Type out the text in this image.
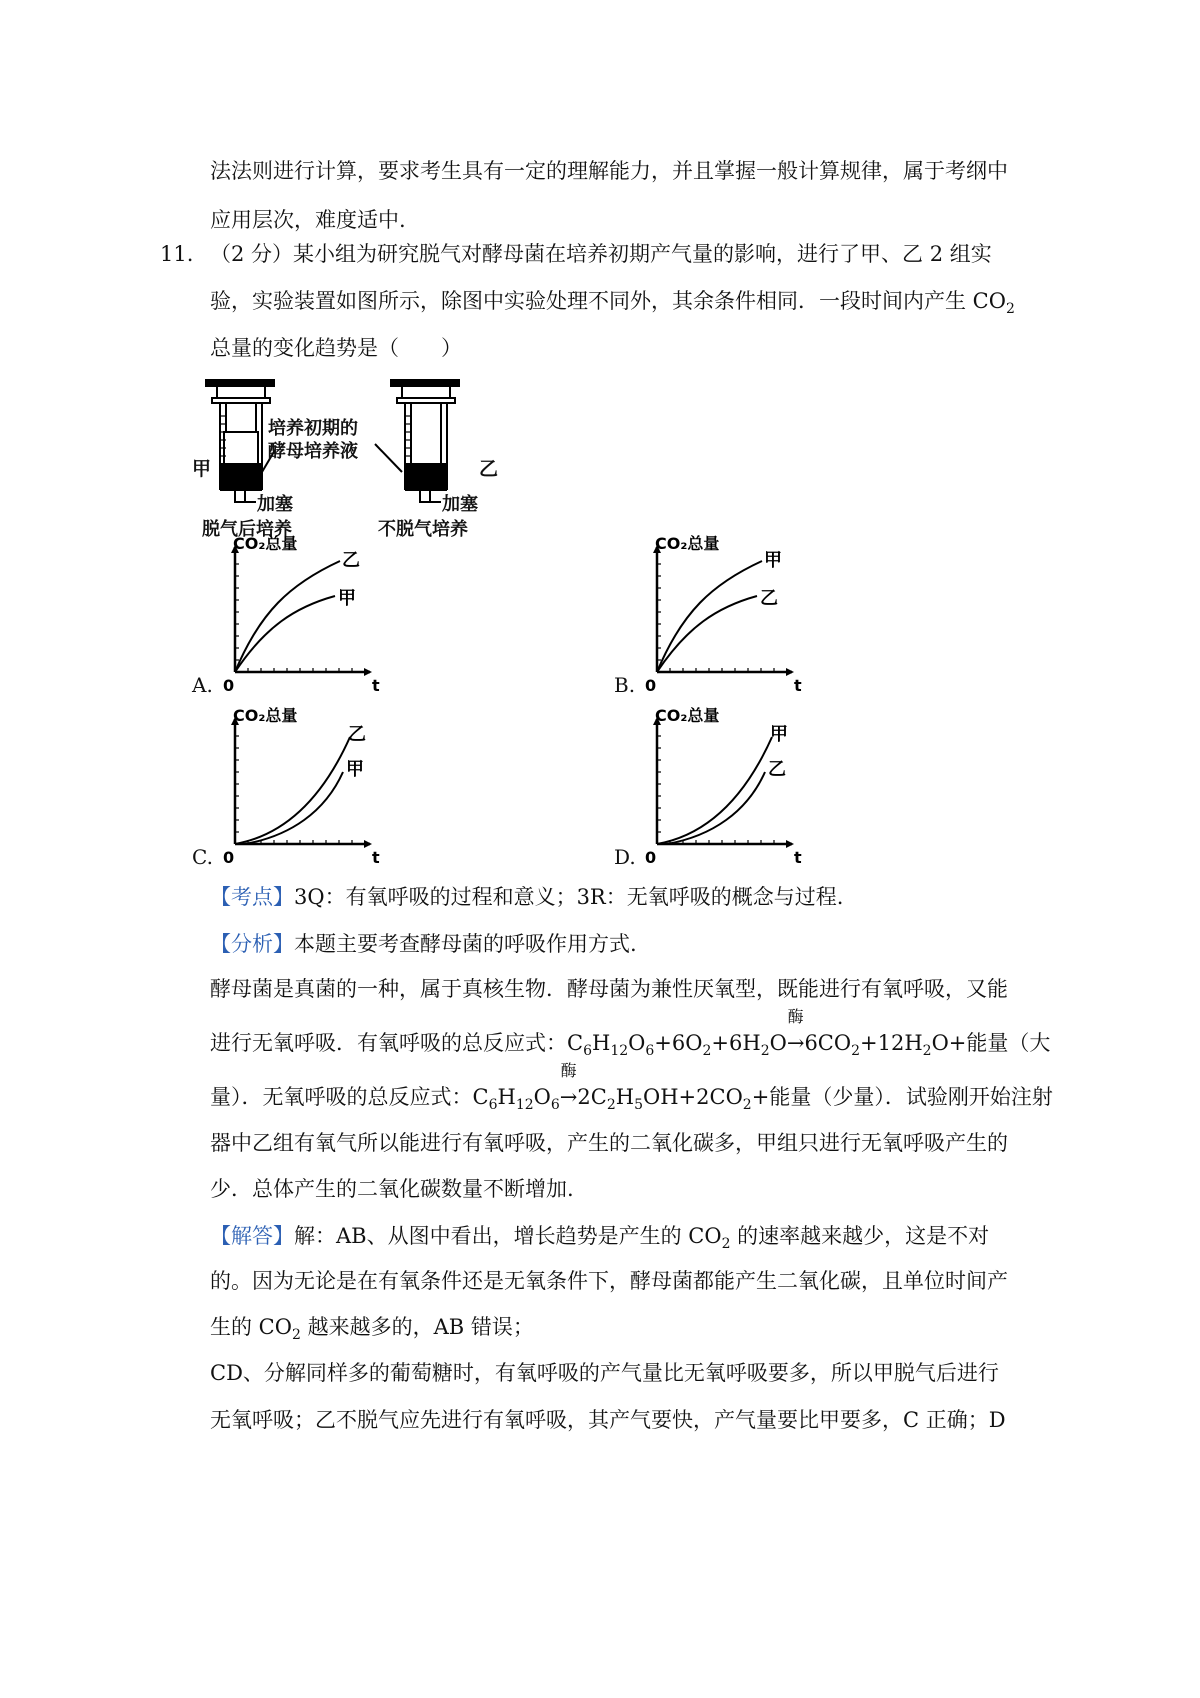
法法则进行计算，要求考生具有一定的理解能力，并且掌握一般计算规律，属于考纲中
应用层次，难度适中.
11. （2 分）某小组为研究脱气对酵母菌在培养初期产气量的影响，进行了甲、乙 2 组实
验，实验装置如图所示，除图中实验处理不同外，其余条件相同．一段时间内产生 $CO_2$
总量的变化趋势是（　　）
甲	乙
培养初期的
酵母培养液
加塞	加塞
脱气后培养	不脱气培养
CO₂总量
0	t
乙
甲
A.
CO₂总量
0	t
甲
乙
B.
CO₂总量
0	t
乙
甲
C.
CO₂总量
0	t
甲
乙
D.
【考点】3Q：有氧呼吸的过程和意义；3R：无氧呼吸的概念与过程.
【分析】本题主要考查酵母菌的呼吸作用方式.
酵母菌是真菌的一种，属于真核生物．酵母菌为兼性厌氧型，既能进行有氧呼吸，又能
进行无氧呼吸．有氧呼吸的总反应式：$C_6H_{12}O_6+6O_2+6H_2O\to$
酶
$6CO_2+12H_2O+$能量（大
量）．无氧呼吸的总反应式：$C_6H_{12}O_6\to$
酶
$2C_2H_5OH+2CO_2+$能量（少量）．试验刚开始注射
器中乙组有氧气所以能进行有氧呼吸，产生的二氧化碳多，甲组只进行无氧呼吸产生的
少．总体产生的二氧化碳数量不断增加.
【解答】解：AB、从图中看出，增长趋势是产生的 $CO_2$ 的速率越来越少，这是不对
的。因为无论是在有氧条件还是无氧条件下，酵母菌都能产生二氧化碳，且单位时间产
生的 $CO_2$ 越来越多的，AB 错误；
CD、分解同样多的葡萄糖时，有氧呼吸的产气量比无氧呼吸要多，所以甲脱气后进行
无氧呼吸；乙不脱气应先进行有氧呼吸，其产气要快，产气量要比甲要多，C 正确；D
